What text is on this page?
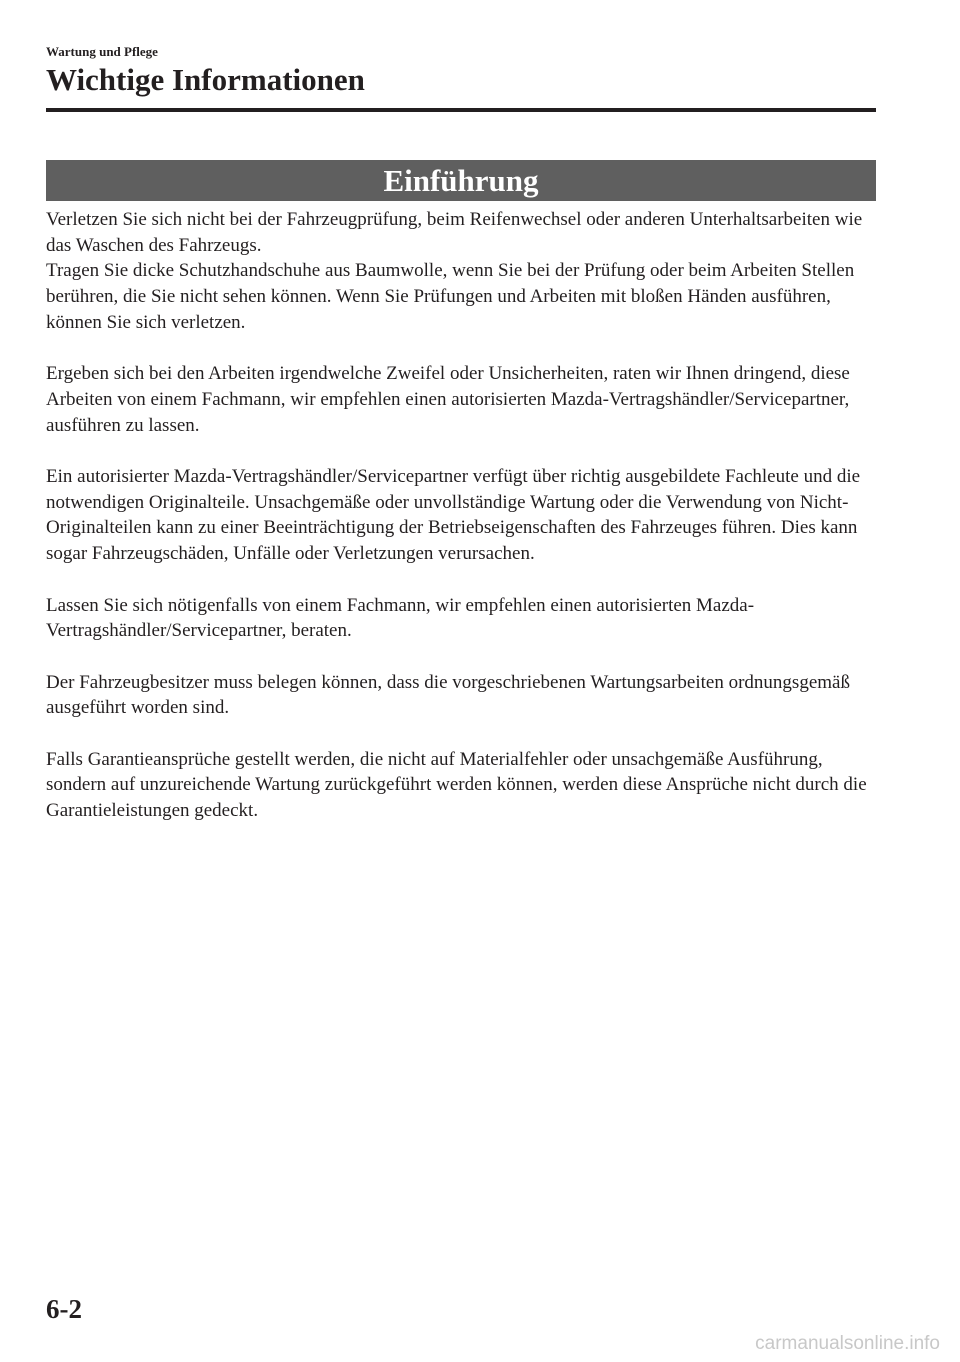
Wartung und Pflege
Wichtige Informationen
Einführung

Verletzen Sie sich nicht bei der Fahrzeugprüfung, beim Reifenwechsel oder anderen Unterhaltsarbeiten wie das Waschen des Fahrzeugs.

Tragen Sie dicke Schutzhandschuhe aus Baumwolle, wenn Sie bei der Prüfung oder beim Arbeiten Stellen berühren, die Sie nicht sehen können. Wenn Sie Prüfungen und Arbeiten mit bloßen Händen ausführen, können Sie sich verletzen.

Ergeben sich bei den Arbeiten irgendwelche Zweifel oder Unsicherheiten, raten wir Ihnen dringend, diese Arbeiten von einem Fachmann, wir empfehlen einen autorisierten Mazda-Vertragshändler/Servicepartner, ausführen zu lassen.

Ein autorisierter Mazda-Vertragshändler/Servicepartner verfügt über richtig ausgebildete Fachleute und die notwendigen Originalteile. Unsachgemäße oder unvollständige Wartung oder die Verwendung von Nicht-Originalteilen kann zu einer Beeinträchtigung der Betriebseigenschaften des Fahrzeuges führen. Dies kann sogar Fahrzeugschäden, Unfälle oder Verletzungen verursachen.

Lassen Sie sich nötigenfalls von einem Fachmann, wir empfehlen einen autorisierten Mazda-Vertragshändler/Servicepartner, beraten.

Der Fahrzeugbesitzer muss belegen können, dass die vorgeschriebenen Wartungsarbeiten ordnungsgemäß ausgeführt worden sind.

Falls Garantieansprüche gestellt werden, die nicht auf Materialfehler oder unsachgemäße Ausführung, sondern auf unzureichende Wartung zurückgeführt werden können, werden diese Ansprüche nicht durch die Garantieleistungen gedeckt.

6-2
carmanualsonline.info
